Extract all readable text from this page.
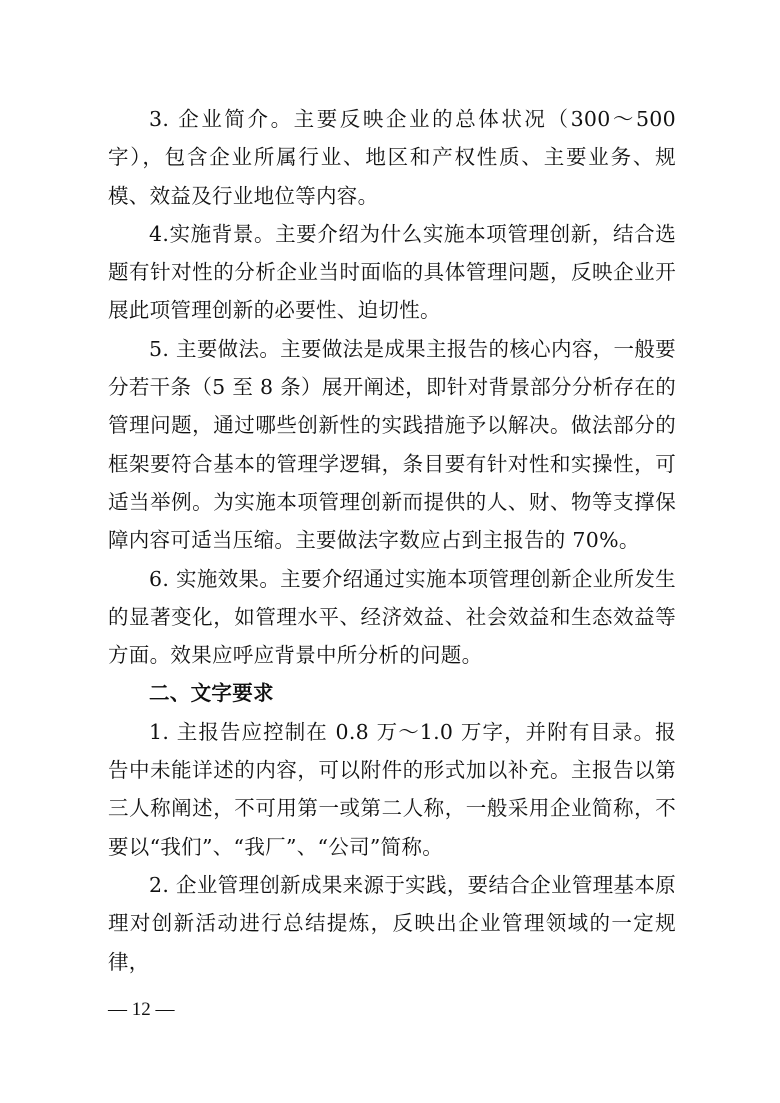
3. 企业简介。主要反映企业的总体状况（300～500 字），包含企业所属行业、地区和产权性质、主要业务、规模、效益及行业地位等内容。

4.实施背景。主要介绍为什么实施本项管理创新，结合选题有针对性的分析企业当时面临的具体管理问题，反映企业开展此项管理创新的必要性、迫切性。

5. 主要做法。主要做法是成果主报告的核心内容，一般要分若干条（5 至 8 条）展开阐述，即针对背景部分分析存在的管理问题，通过哪些创新性的实践措施予以解决。做法部分的框架要符合基本的管理学逻辑，条目要有针对性和实操性，可适当举例。为实施本项管理创新而提供的人、财、物等支撑保障内容可适当压缩。主要做法字数应占到主报告的 70%。

6. 实施效果。主要介绍通过实施本项管理创新企业所发生的显著变化，如管理水平、经济效益、社会效益和生态效益等方面。效果应呼应背景中所分析的问题。

二、文字要求

1. 主报告应控制在 0.8 万～1.0 万字，并附有目录。报告中未能详述的内容，可以附件的形式加以补充。主报告以第三人称阐述，不可用第一或第二人称，一般采用企业简称，不要以“我们”、“我厂”、“公司”简称。

2. 企业管理创新成果来源于实践，要结合企业管理基本原理对创新活动进行总结提炼，反映出企业管理领域的一定规律，

— 12 —
